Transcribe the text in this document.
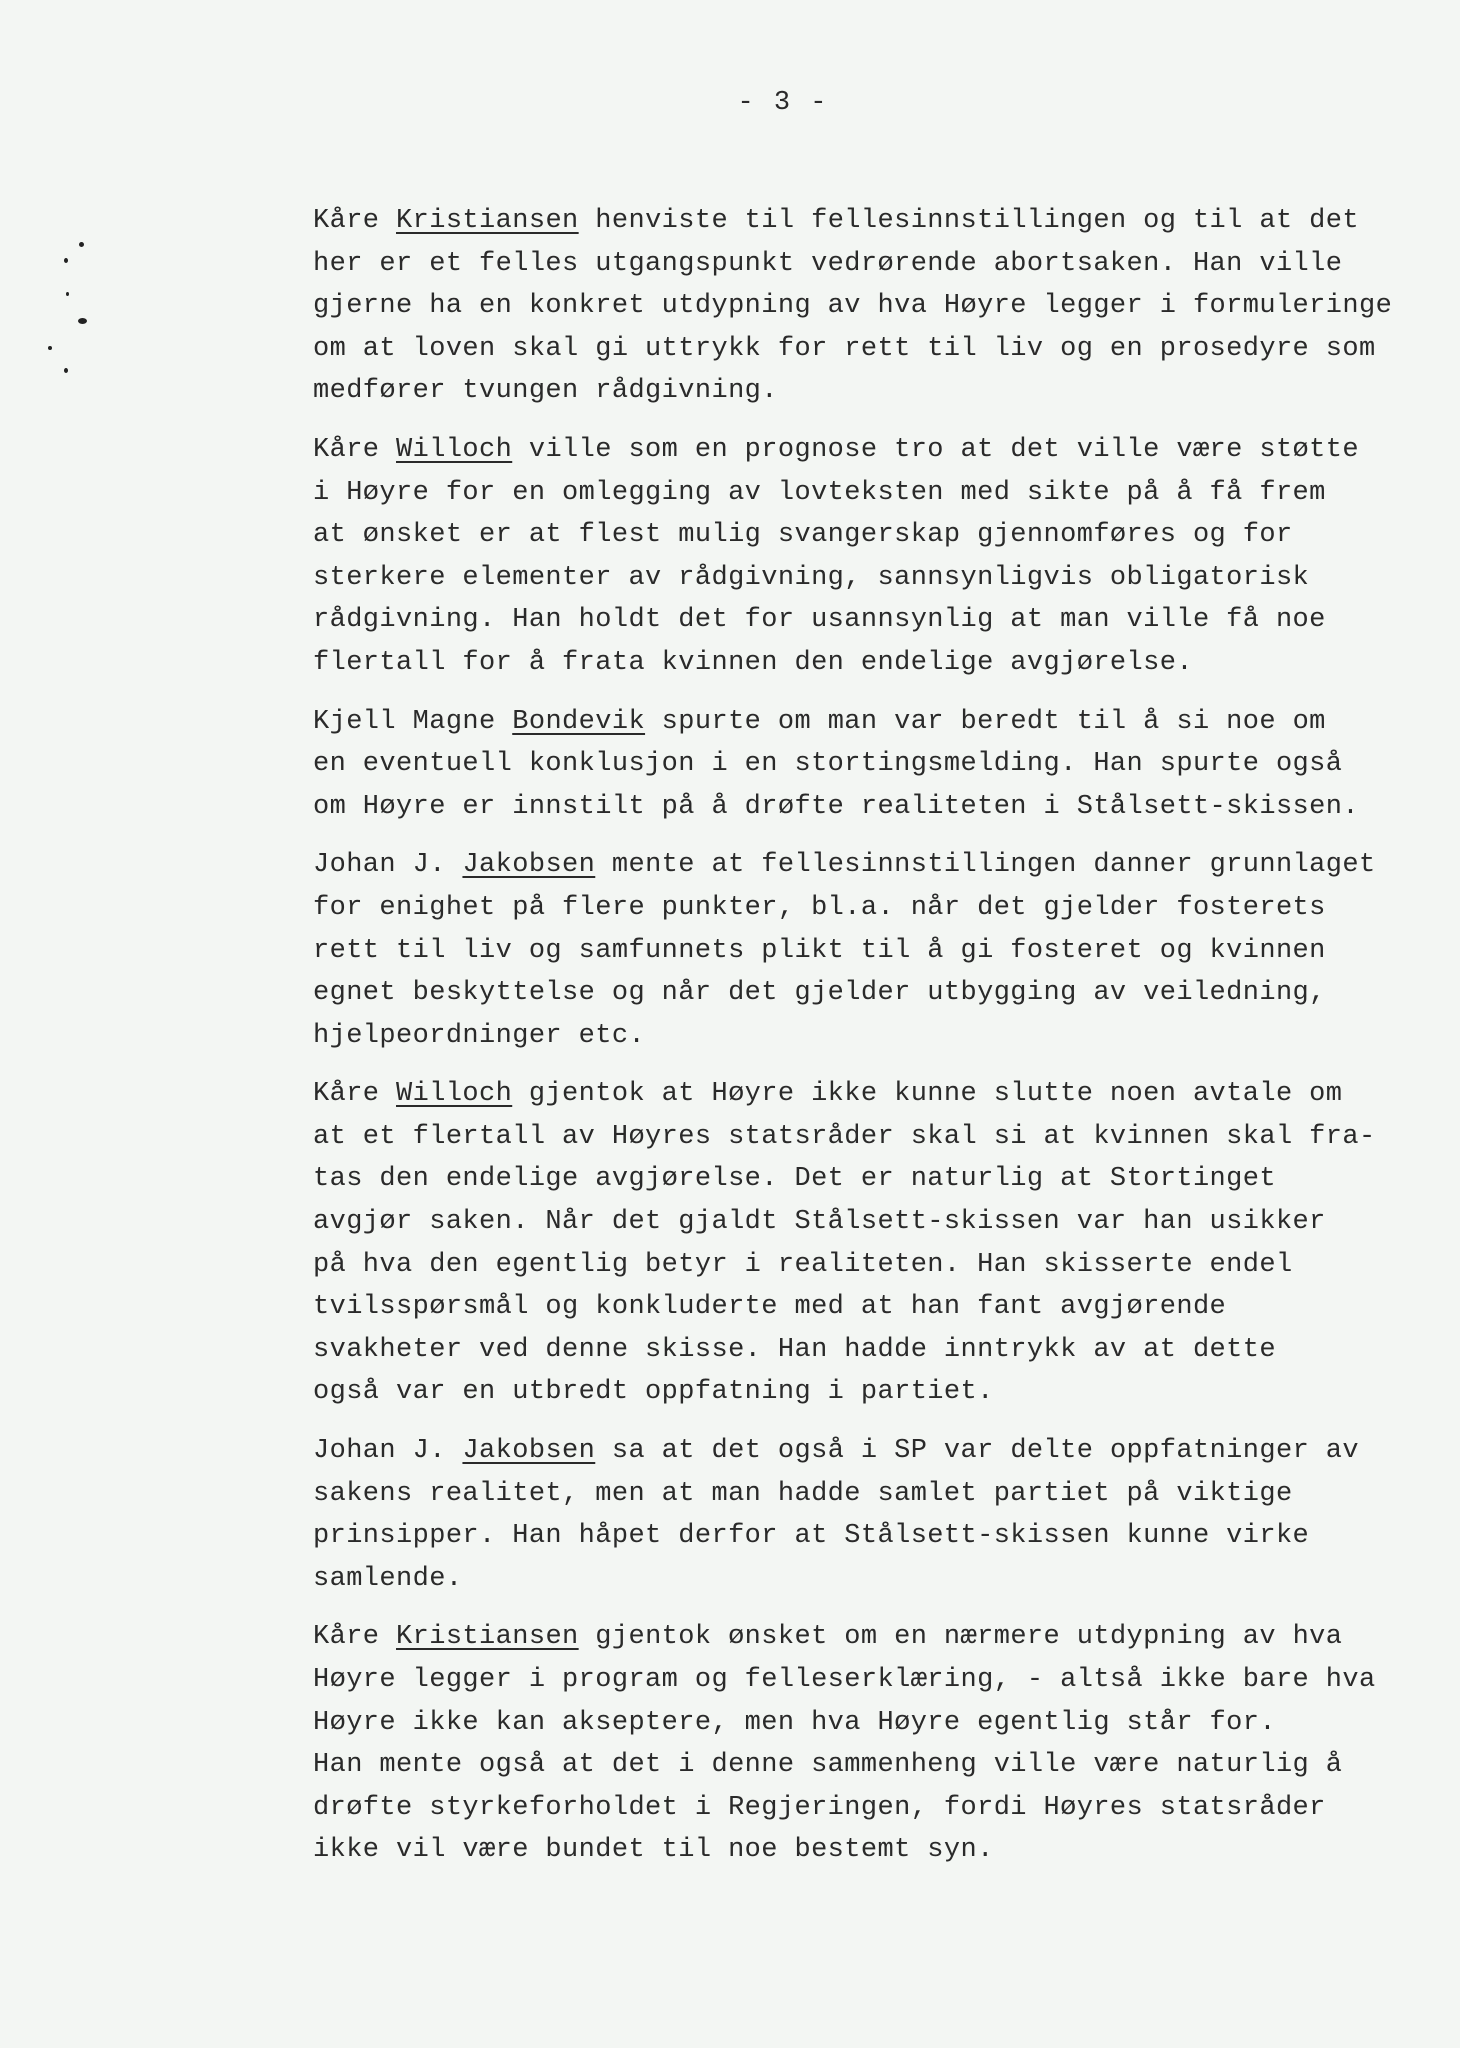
- 3 -
Kåre Kristiansen henviste til fellesinnstillingen og til at det
her er et felles utgangspunkt vedrørende abortsaken. Han ville
gjerne ha en konkret utdypning av hva Høyre legger i formuleringe
om at loven skal gi uttrykk for rett til liv og en prosedyre som
medfører tvungen rådgivning.
Kåre Willoch ville som en prognose tro at det ville være støtte
i Høyre for en omlegging av lovteksten med sikte på å få frem
at ønsket er at flest mulig svangerskap gjennomføres og for
sterkere elementer av rådgivning, sannsynligvis obligatorisk
rådgivning. Han holdt det for usannsynlig at man ville få noe
flertall for å frata kvinnen den endelige avgjørelse.
Kjell Magne Bondevik spurte om man var beredt til å si noe om
en eventuell konklusjon i en stortingsmelding. Han spurte også
om Høyre er innstilt på å drøfte realiteten i Stålsett-skissen.
Johan J. Jakobsen mente at fellesinnstillingen danner grunnlaget
for enighet på flere punkter, bl.a. når det gjelder fosterets
rett til liv og samfunnets plikt til å gi fosteret og kvinnen
egnet beskyttelse og når det gjelder utbygging av veiledning,
hjelpeordninger etc.
Kåre Willoch gjentok at Høyre ikke kunne slutte noen avtale om
at et flertall av Høyres statsråder skal si at kvinnen skal fra-
tas den endelige avgjørelse. Det er naturlig at Stortinget
avgjør saken. Når det gjaldt Stålsett-skissen var han usikker
på hva den egentlig betyr i realiteten. Han skisserte endel
tvilsspørsmål og konkluderte med at han fant avgjørende
svakheter ved denne skisse. Han hadde inntrykk av at dette
også var en utbredt oppfatning i partiet.
Johan J. Jakobsen sa at det også i SP var delte oppfatninger av
sakens realitet, men at man hadde samlet partiet på viktige
prinsipper. Han håpet derfor at Stålsett-skissen kunne virke
samlende.
Kåre Kristiansen gjentok ønsket om en nærmere utdypning av hva
Høyre legger i program og felleserklæring, - altså ikke bare hva
Høyre ikke kan akseptere, men hva Høyre egentlig står for.
Han mente også at det i denne sammenheng ville være naturlig å
drøfte styrkeforholdet i Regjeringen, fordi Høyres statsråder
ikke vil være bundet til noe bestemt syn.
